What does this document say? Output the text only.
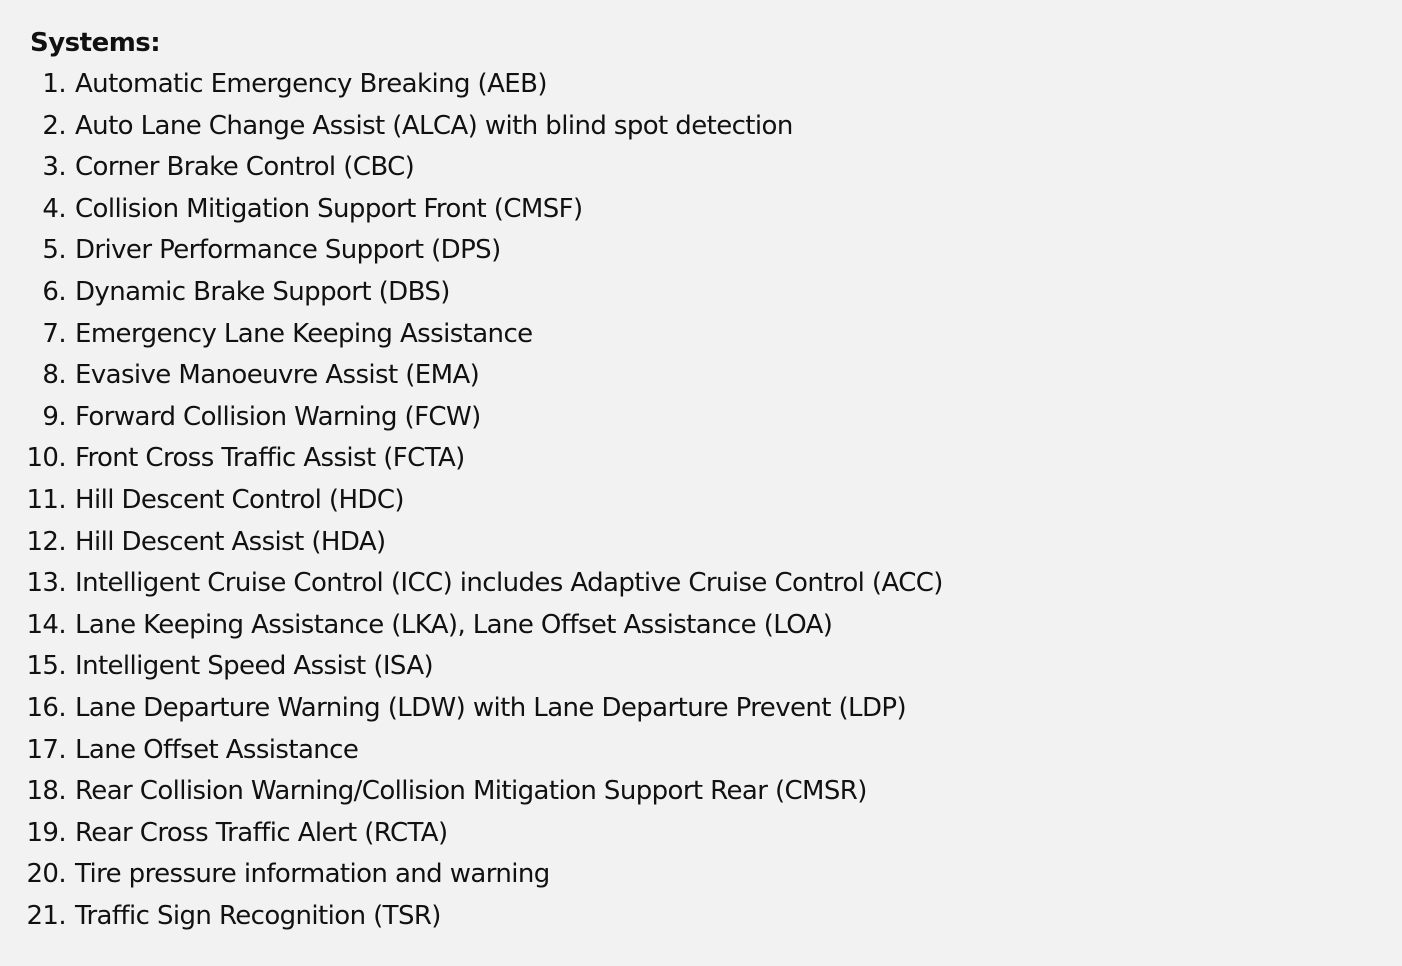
Systems:
1. Automatic Emergency Breaking (AEB)
2. Auto Lane Change Assist (ALCA) with blind spot detection
3. Corner Brake Control (CBC)
4. Collision Mitigation Support Front (CMSF)
5. Driver Performance Support (DPS)
6. Dynamic Brake Support (DBS)
7. Emergency Lane Keeping Assistance
8. Evasive Manoeuvre Assist (EMA)
9. Forward Collision Warning (FCW)
10. Front Cross Traffic Assist (FCTA)
11. Hill Descent Control (HDC)
12. Hill Descent Assist (HDA)
13. Intelligent Cruise Control (ICC) includes Adaptive Cruise Control (ACC)
14. Lane Keeping Assistance (LKA), Lane Offset Assistance (LOA)
15. Intelligent Speed Assist (ISA)
16. Lane Departure Warning (LDW) with Lane Departure Prevent (LDP)
17. Lane Offset Assistance
18. Rear Collision Warning/Collision Mitigation Support Rear (CMSR)
19. Rear Cross Traffic Alert (RCTA)
20. Tire pressure information and warning
21. Traffic Sign Recognition (TSR)
